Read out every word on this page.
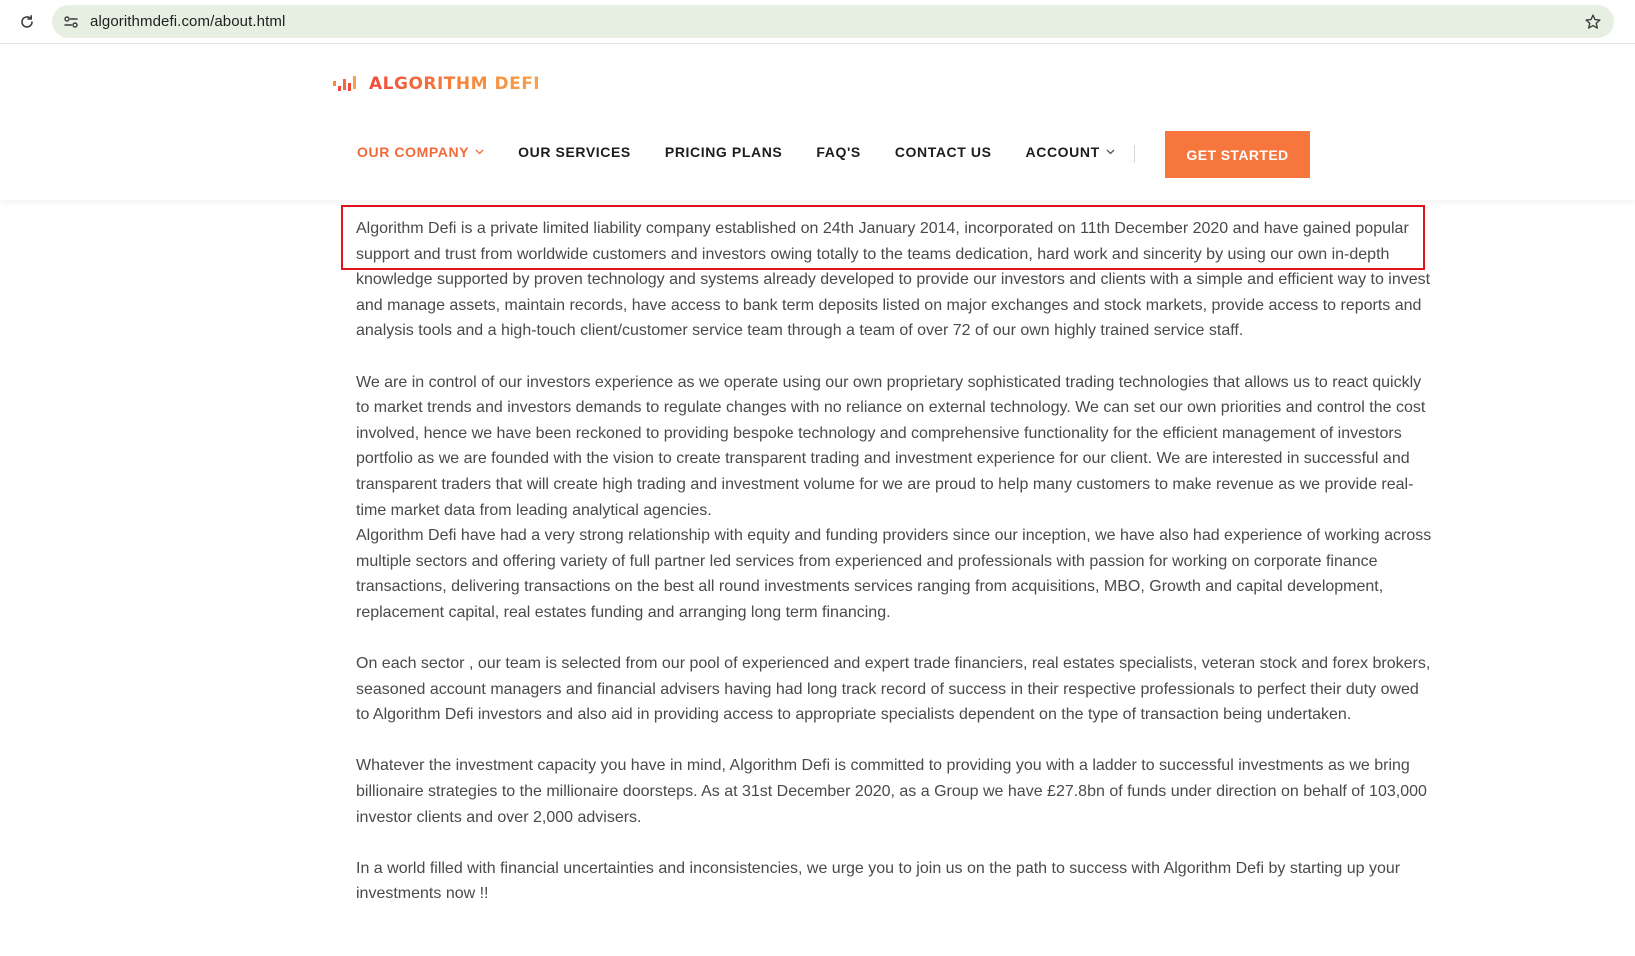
algorithmdefi.com/about.html
ALGORITHM DEFI
OUR COMPANY	OUR SERVICES PRICING PLANS FAQ'S CONTACT US ACCOUNT	GET STARTED

Algorithm Defi is a private limited liability company established on 24th January 2014, incorporated on 11th December 2020 and have gained popular support and trust from worldwide customers and investors owing totally to the teams dedication, hard work and sincerity by using our own in-depth knowledge supported by proven technology and systems already developed to provide our investors and clients with a simple and efficient way to invest and manage assets, maintain records, have access to bank term deposits listed on major exchanges and stock markets, provide access to reports and analysis tools and a high-touch client/customer service team through a team of over 72 of our own highly trained service staff.

We are in control of our investors experience as we operate using our own proprietary sophisticated trading technologies that allows us to react quickly to market trends and investors demands to regulate changes with no reliance on external technology. We can set our own priorities and control the cost involved, hence we have been reckoned to providing bespoke technology and comprehensive functionality for the efficient management of investors portfolio as we are founded with the vision to create transparent trading and investment experience for our client. We are interested in successful and transparent traders that will create high trading and investment volume for we are proud to help many customers to make revenue as we provide real-time market data from leading analytical agencies.

Algorithm Defi have had a very strong relationship with equity and funding providers since our inception, we have also had experience of working across multiple sectors and offering variety of full partner led services from experienced and professionals with passion for working on corporate finance transactions, delivering transactions on the best all round investments services ranging from acquisitions, MBO, Growth and capital development, replacement capital, real estates funding and arranging long term financing.

On each sector , our team is selected from our pool of experienced and expert trade financiers, real estates specialists, veteran stock and forex brokers, seasoned account managers and financial advisers having had long track record of success in their respective professionals to perfect their duty owed to Algorithm Defi investors and also aid in providing access to appropriate specialists dependent on the type of transaction being undertaken.

Whatever the investment capacity you have in mind, Algorithm Defi is committed to providing you with a ladder to successful investments as we bring billionaire strategies to the millionaire doorsteps. As at 31st December 2020, as a Group we have £27.8bn of funds under direction on behalf of 103,000 investor clients and over 2,000 advisers.

In a world filled with financial uncertainties and inconsistencies, we urge you to join us on the path to success with Algorithm Defi by starting up your investments now !!
